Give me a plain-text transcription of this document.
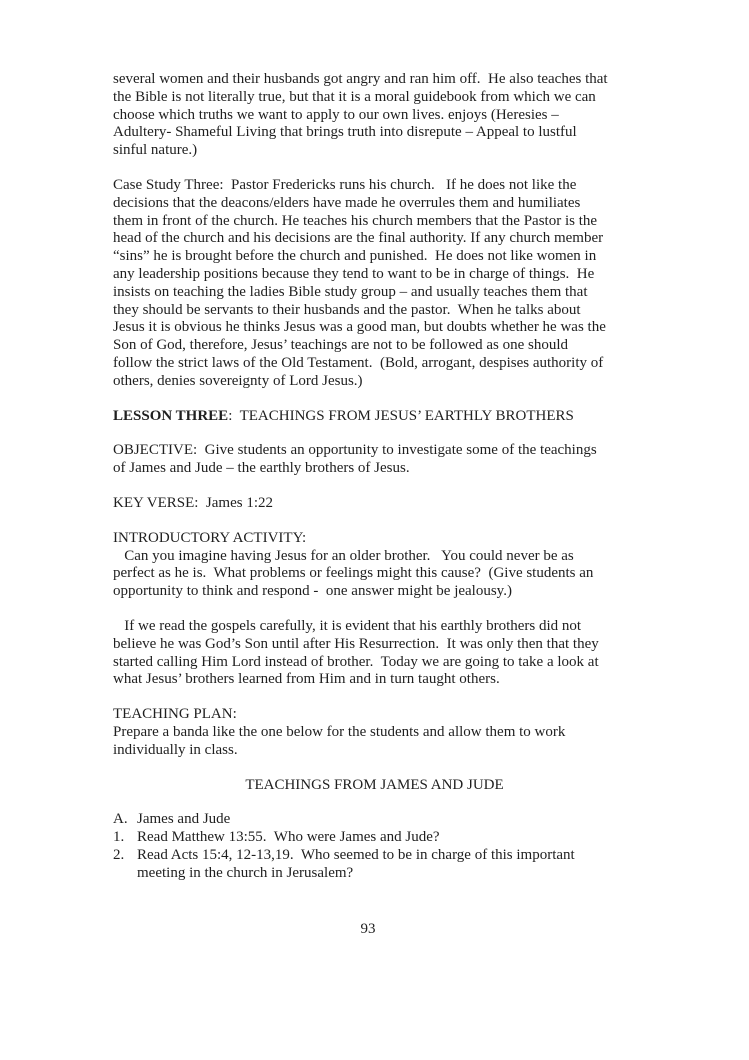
several women and their husbands got angry and ran him off.  He also teaches that
the Bible is not literally true, but that it is a moral guidebook from which we can
choose which truths we want to apply to our own lives. enjoys (Heresies –
Adultery- Shameful Living that brings truth into disrepute – Appeal to lustful
sinful nature.)
Case Study Three:  Pastor Fredericks runs his church.   If he does not like the
decisions that the deacons/elders have made he overrules them and humiliates
them in front of the church. He teaches his church members that the Pastor is the
head of the church and his decisions are the final authority. If any church member
“sins” he is brought before the church and punished.  He does not like women in
any leadership positions because they tend to want to be in charge of things.  He
insists on teaching the ladies Bible study group – and usually teaches them that
they should be servants to their husbands and the pastor.  When he talks about
Jesus it is obvious he thinks Jesus was a good man, but doubts whether he was the
Son of God, therefore, Jesus’ teachings are not to be followed as one should
follow the strict laws of the Old Testament.  (Bold, arrogant, despises authority of
others, denies sovereignty of Lord Jesus.)
LESSON THREE:  TEACHINGS FROM JESUS’ EARTHLY BROTHERS
OBJECTIVE:  Give students an opportunity to investigate some of the teachings
of James and Jude – the earthly brothers of Jesus.
KEY VERSE:  James 1:22
INTRODUCTORY ACTIVITY:
Can you imagine having Jesus for an older brother.   You could never be as
perfect as he is.  What problems or feelings might this cause?  (Give students an
opportunity to think and respond -  one answer might be jealousy.)
If we read the gospels carefully, it is evident that his earthly brothers did not
believe he was God’s Son until after His Resurrection.  It was only then that they
started calling Him Lord instead of brother.  Today we are going to take a look at
what Jesus’ brothers learned from Him and in turn taught others.
TEACHING PLAN:
Prepare a banda like the one below for the students and allow them to work
individually in class.
TEACHINGS FROM JAMES AND JUDE
A. James and Jude
1. Read Matthew 13:55.  Who were James and Jude?
2. Read Acts 15:4, 12-13,19.  Who seemed to be in charge of this important
meeting in the church in Jerusalem?
93
